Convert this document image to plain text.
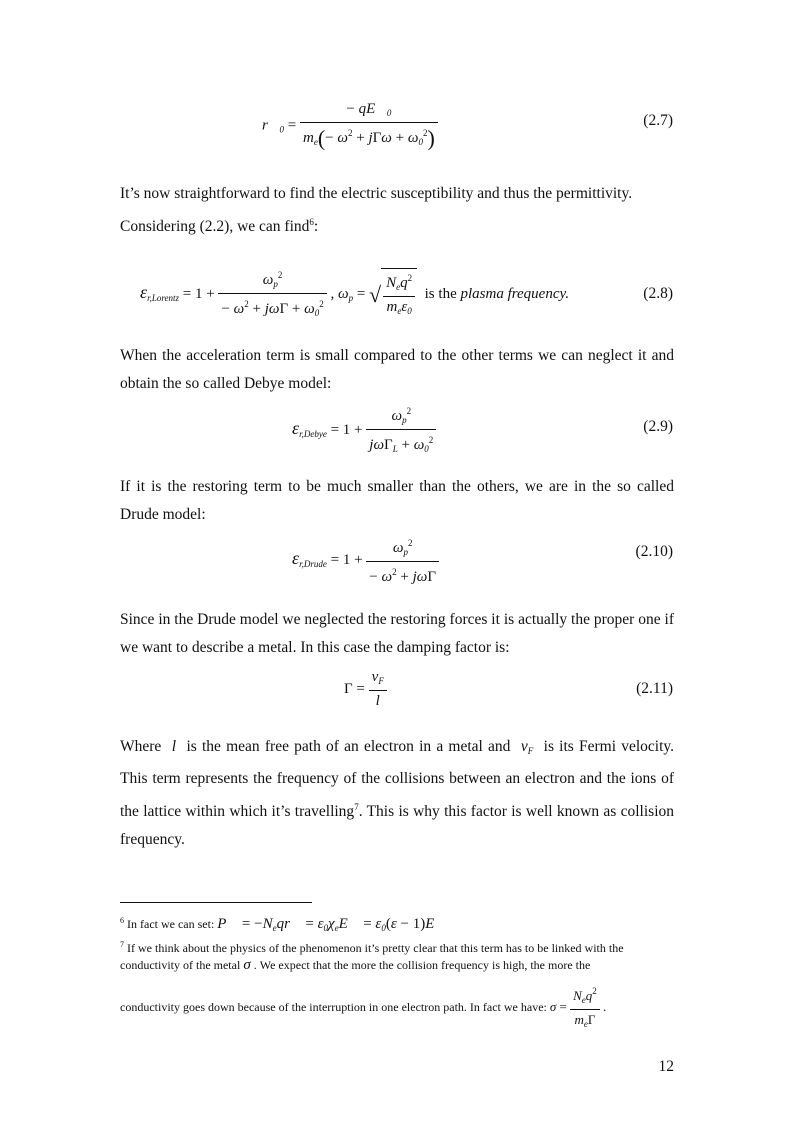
$r⃗_0 = \frac{- qE⃗_0}{m_e(- \omega^2 + j\Gamma\omega + \omega_0^2)}$	(2.7)

It’s now straightforward to find the electric susceptibility and thus the permittivity.

Considering (2.2), we can find$^6$:

$\varepsilon_{r,Lorentz} = 1 + \frac{\omega_p^2}{- \omega^2 + j\omega\Gamma + \omega_0^2}$ , $\omega_p$ = √ $\frac{N_eq^2}{m_e\varepsilon_0}$ is the plasma frequency.	(2.8)

When the acceleration term is small compared to the other terms we can neglect it and obtain the so called Debye model:

$\varepsilon_{r,Debye} = 1 + \frac{\omega_p^2}{j\omega\Gamma_L + \omega_0^2}$	(2.9)

If it is the restoring term to be much smaller than the others, we are in the so called Drude model:

$\varepsilon_{r,Drude} = 1 + \frac{\omega_p^2}{- \omega^2 + j\omega\Gamma}$	(2.10)

Since in the Drude model we neglected the restoring forces it is actually the proper one if we want to describe a metal. In this case the damping factor is:

$\Gamma = \frac{v_F}{l}$	(2.11)

Where l is the mean free path of an electron in a metal and $v_F$ is its Fermi velocity. This term represents the frequency of the collisions between an electron and the ions of the lattice within which it’s travelling$^7$. This is why this factor is well known as collision frequency.

$^6$ In fact we can set: P⃗ = $-N_eqr⃗$ = $\varepsilon_0\chi_eE⃗ = \varepsilon_0(\varepsilon$ − 1)E⃗

$^7$ If we think about the physics of the phenomenon it’s pretty clear that this term has to be linked with the conductivity of the metal σ . We expect that the more the collision frequency is high, the more the

conductivity goes down because of the interruption in one electron path. In fact we have: $\sigma = \frac{N_eq^2}{m_e\Gamma}$ .

12
